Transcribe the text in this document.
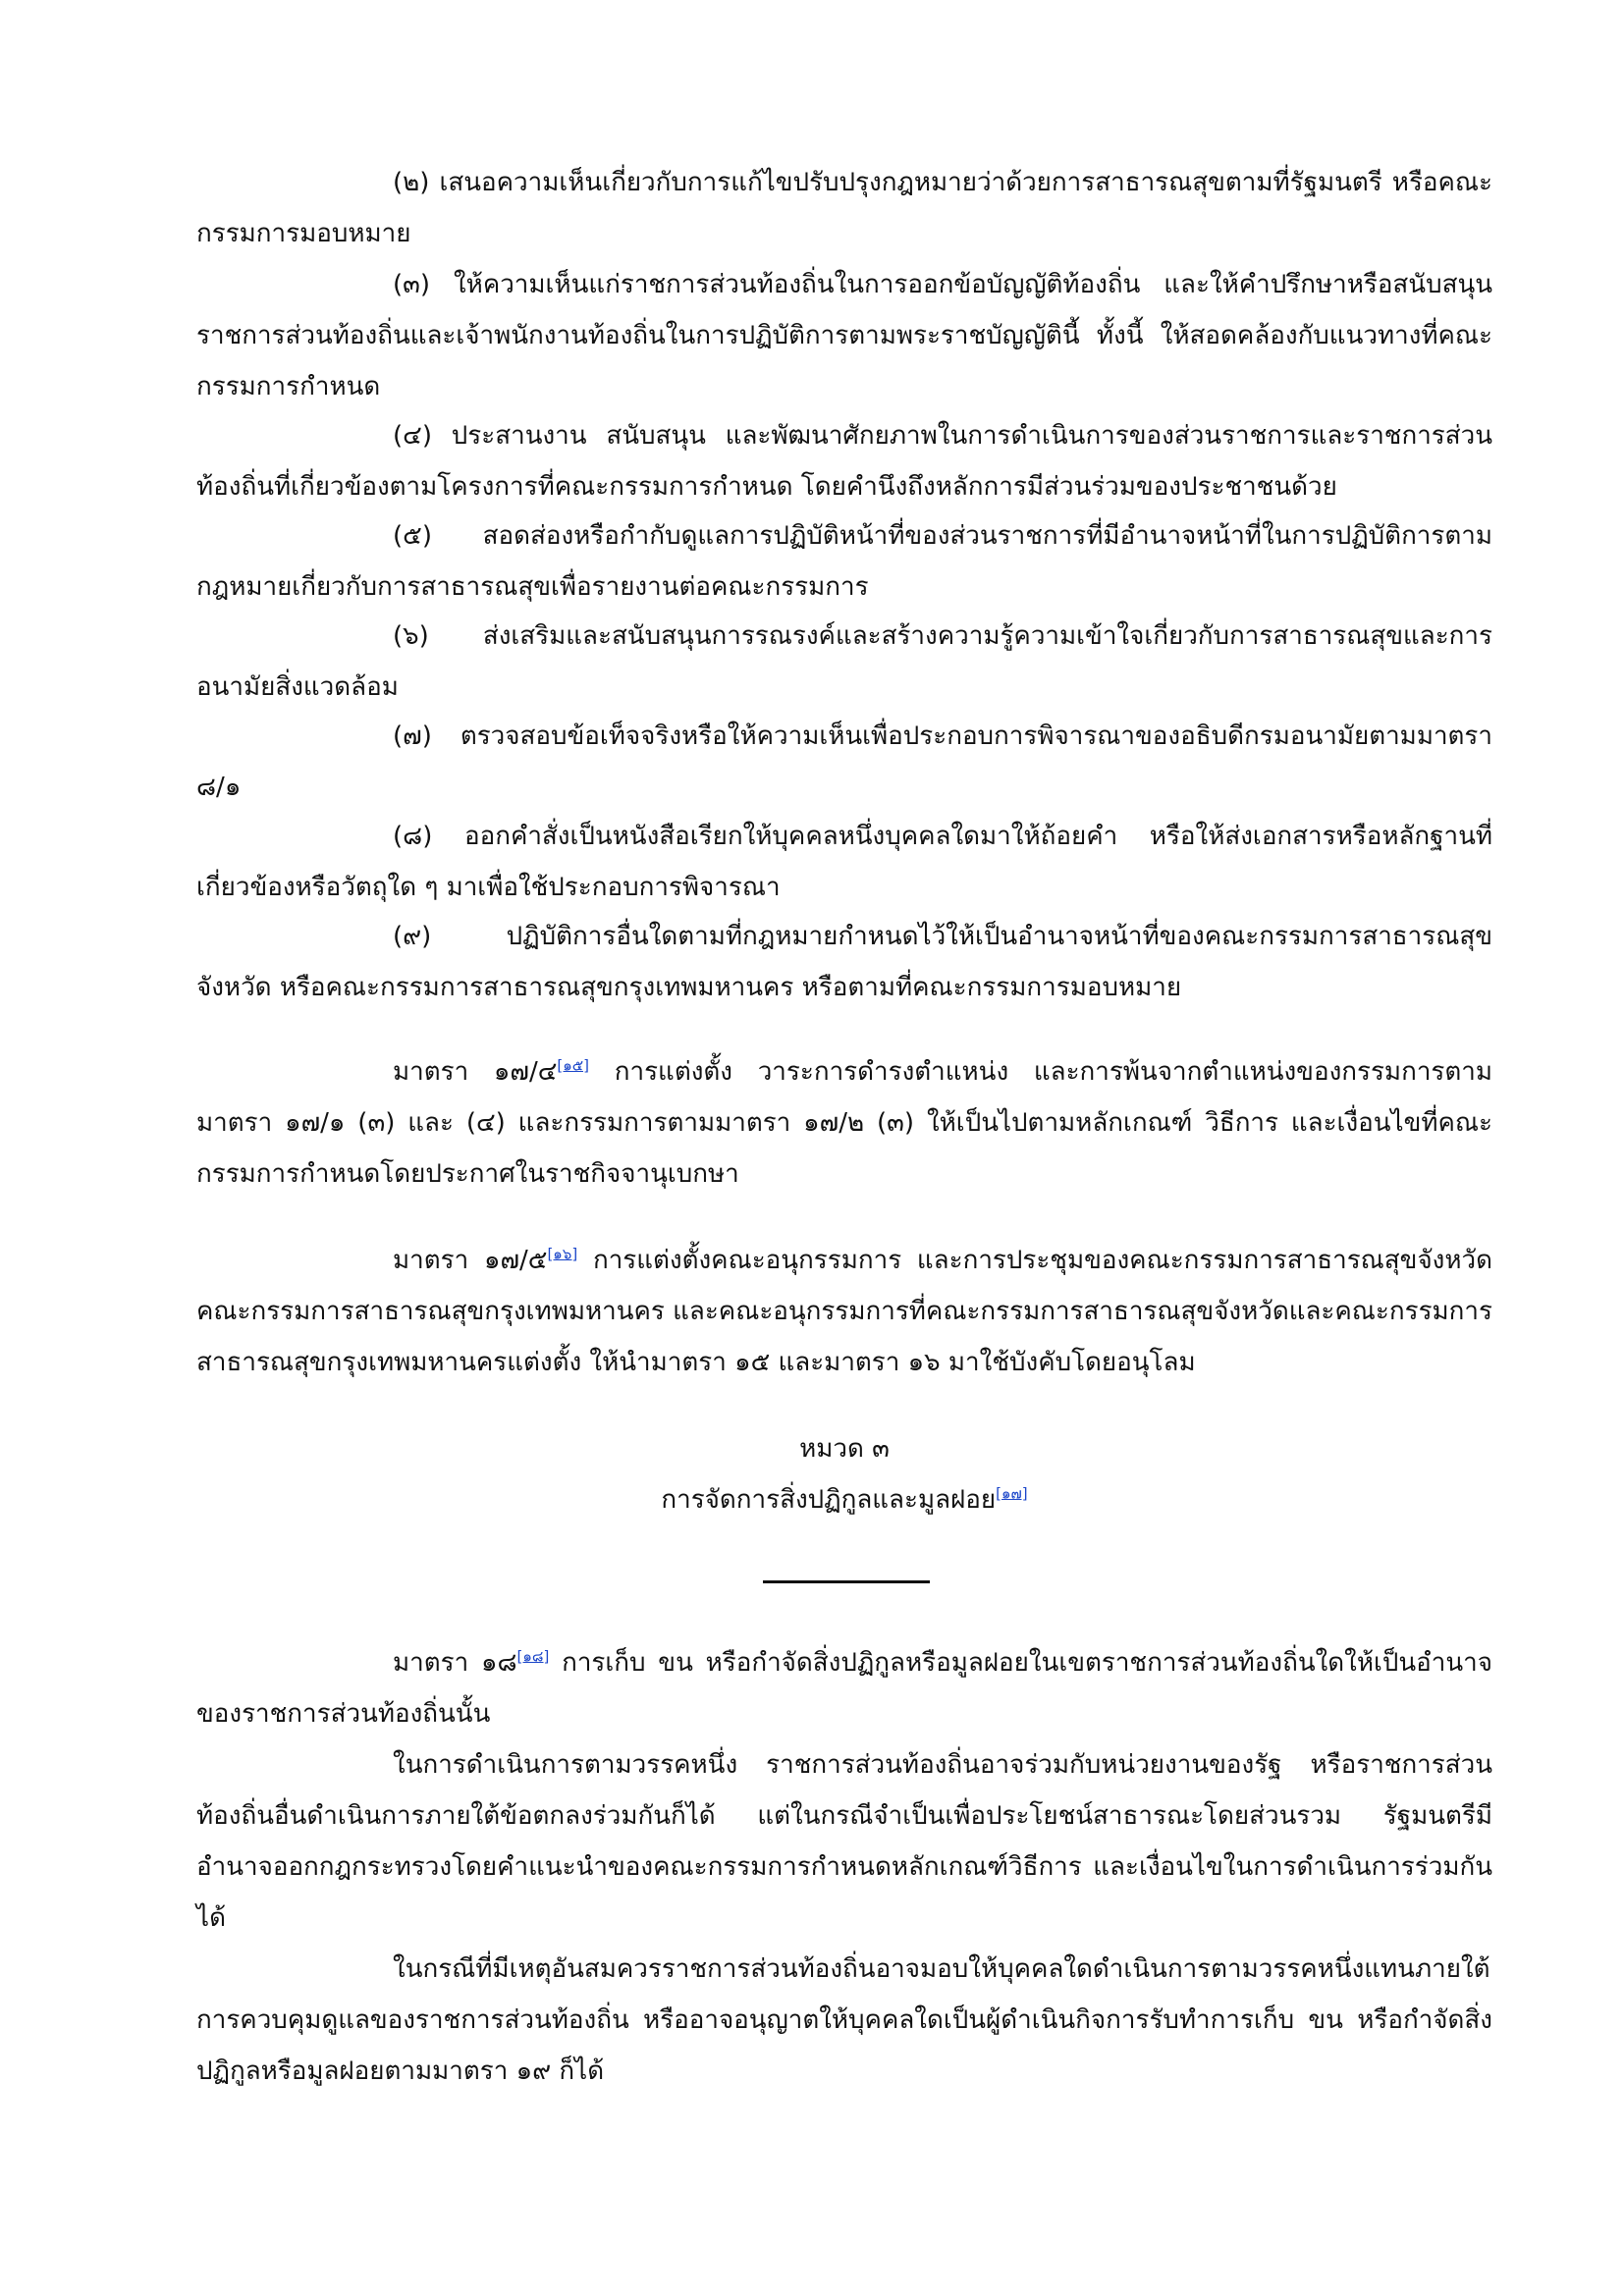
(๒) เสนอความเห็นเกี่ยวกับการแก้ไขปรับปรุงกฎหมายว่าด้วยการสาธารณสุขตามที่รัฐมนตรี หรือคณะกรรมการมอบหมาย

(๓) ให้ความเห็นแก่ราชการส่วนท้องถิ่นในการออกข้อบัญญัติท้องถิ่น และให้คำปรึกษาหรือสนับสนุนราชการส่วนท้องถิ่นและเจ้าพนักงานท้องถิ่นในการปฏิบัติการตามพระราชบัญญัตินี้ ทั้งนี้ ให้สอดคล้องกับแนวทางที่คณะกรรมการกำหนด

(๔) ประสานงาน สนับสนุน และพัฒนาศักยภาพในการดำเนินการของส่วนราชการและราชการส่วนท้องถิ่นที่เกี่ยวข้องตามโครงการที่คณะกรรมการกำหนด โดยคำนึงถึงหลักการมีส่วนร่วมของประชาชนด้วย

(๕) สอดส่องหรือกำกับดูแลการปฏิบัติหน้าที่ของส่วนราชการที่มีอำนาจหน้าที่ในการปฏิบัติการตามกฎหมายเกี่ยวกับการสาธารณสุขเพื่อรายงานต่อคณะกรรมการ

(๖) ส่งเสริมและสนับสนุนการรณรงค์และสร้างความรู้ความเข้าใจเกี่ยวกับการสาธารณสุขและการอนามัยสิ่งแวดล้อม

(๗) ตรวจสอบข้อเท็จจริงหรือให้ความเห็นเพื่อประกอบการพิจารณาของอธิบดีกรมอนามัยตามมาตรา ๘/๑

(๘) ออกคำสั่งเป็นหนังสือเรียกให้บุคคลหนึ่งบุคคลใดมาให้ถ้อยคำ หรือให้ส่งเอกสารหรือหลักฐานที่เกี่ยวข้องหรือวัตถุใด ๆ มาเพื่อใช้ประกอบการพิจารณา

(๙)	ปฏิบัติการอื่นใดตามที่กฎหมายกำหนดไว้ให้เป็นอำนาจหน้าที่ของคณะกรรมการสาธารณสุขจังหวัด หรือคณะกรรมการสาธารณสุขกรุงเทพมหานคร หรือตามที่คณะกรรมการมอบหมาย

มาตรา ๑๗/๔[๑๕] การแต่งตั้ง วาระการดำรงตำแหน่ง และการพ้นจากตำแหน่งของกรรมการตามมาตรา ๑๗/๑ (๓) และ (๔) และกรรมการตามมาตรา ๑๗/๒ (๓) ให้เป็นไปตามหลักเกณฑ์ วิธีการ และเงื่อนไขที่คณะกรรมการกำหนดโดยประกาศในราชกิจจานุเบกษา

มาตรา ๑๗/๕[๑๖] การแต่งตั้งคณะอนุกรรมการ และการประชุมของคณะกรรมการสาธารณสุขจังหวัด คณะกรรมการสาธารณสุขกรุงเทพมหานคร และคณะอนุกรรมการที่คณะกรรมการสาธารณสุขจังหวัดและคณะกรรมการสาธารณสุขกรุงเทพมหานครแต่งตั้ง ให้นำมาตรา ๑๕ และมาตรา ๑๖ มาใช้บังคับโดยอนุโลม

หมวด ๓

การจัดการสิ่งปฏิกูลและมูลฝอย[๑๗]

มาตรา ๑๘[๑๘] การเก็บ ขน หรือกำจัดสิ่งปฏิกูลหรือมูลฝอยในเขตราชการส่วนท้องถิ่นใดให้เป็นอำนาจของราชการส่วนท้องถิ่นนั้น

ในการดำเนินการตามวรรคหนึ่ง ราชการส่วนท้องถิ่นอาจร่วมกับหน่วยงานของรัฐ หรือราชการส่วนท้องถิ่นอื่นดำเนินการภายใต้ข้อตกลงร่วมกันก็ได้ แต่ในกรณีจำเป็นเพื่อประโยชน์สาธารณะโดยส่วนรวม รัฐมนตรีมีอำนาจออกกฎกระทรวงโดยคำแนะนำของคณะกรรมการกำหนดหลักเกณฑ์วิธีการ และเงื่อนไขในการดำเนินการร่วมกันได้

ในกรณีที่มีเหตุอันสมควรราชการส่วนท้องถิ่นอาจมอบให้บุคคลใดดำเนินการตามวรรคหนึ่งแทนภายใต้การควบคุมดูแลของราชการส่วนท้องถิ่น หรืออาจอนุญาตให้บุคคลใดเป็นผู้ดำเนินกิจการรับทำการเก็บ ขน หรือกำจัดสิ่งปฏิกูลหรือมูลฝอยตามมาตรา ๑๙ ก็ได้
